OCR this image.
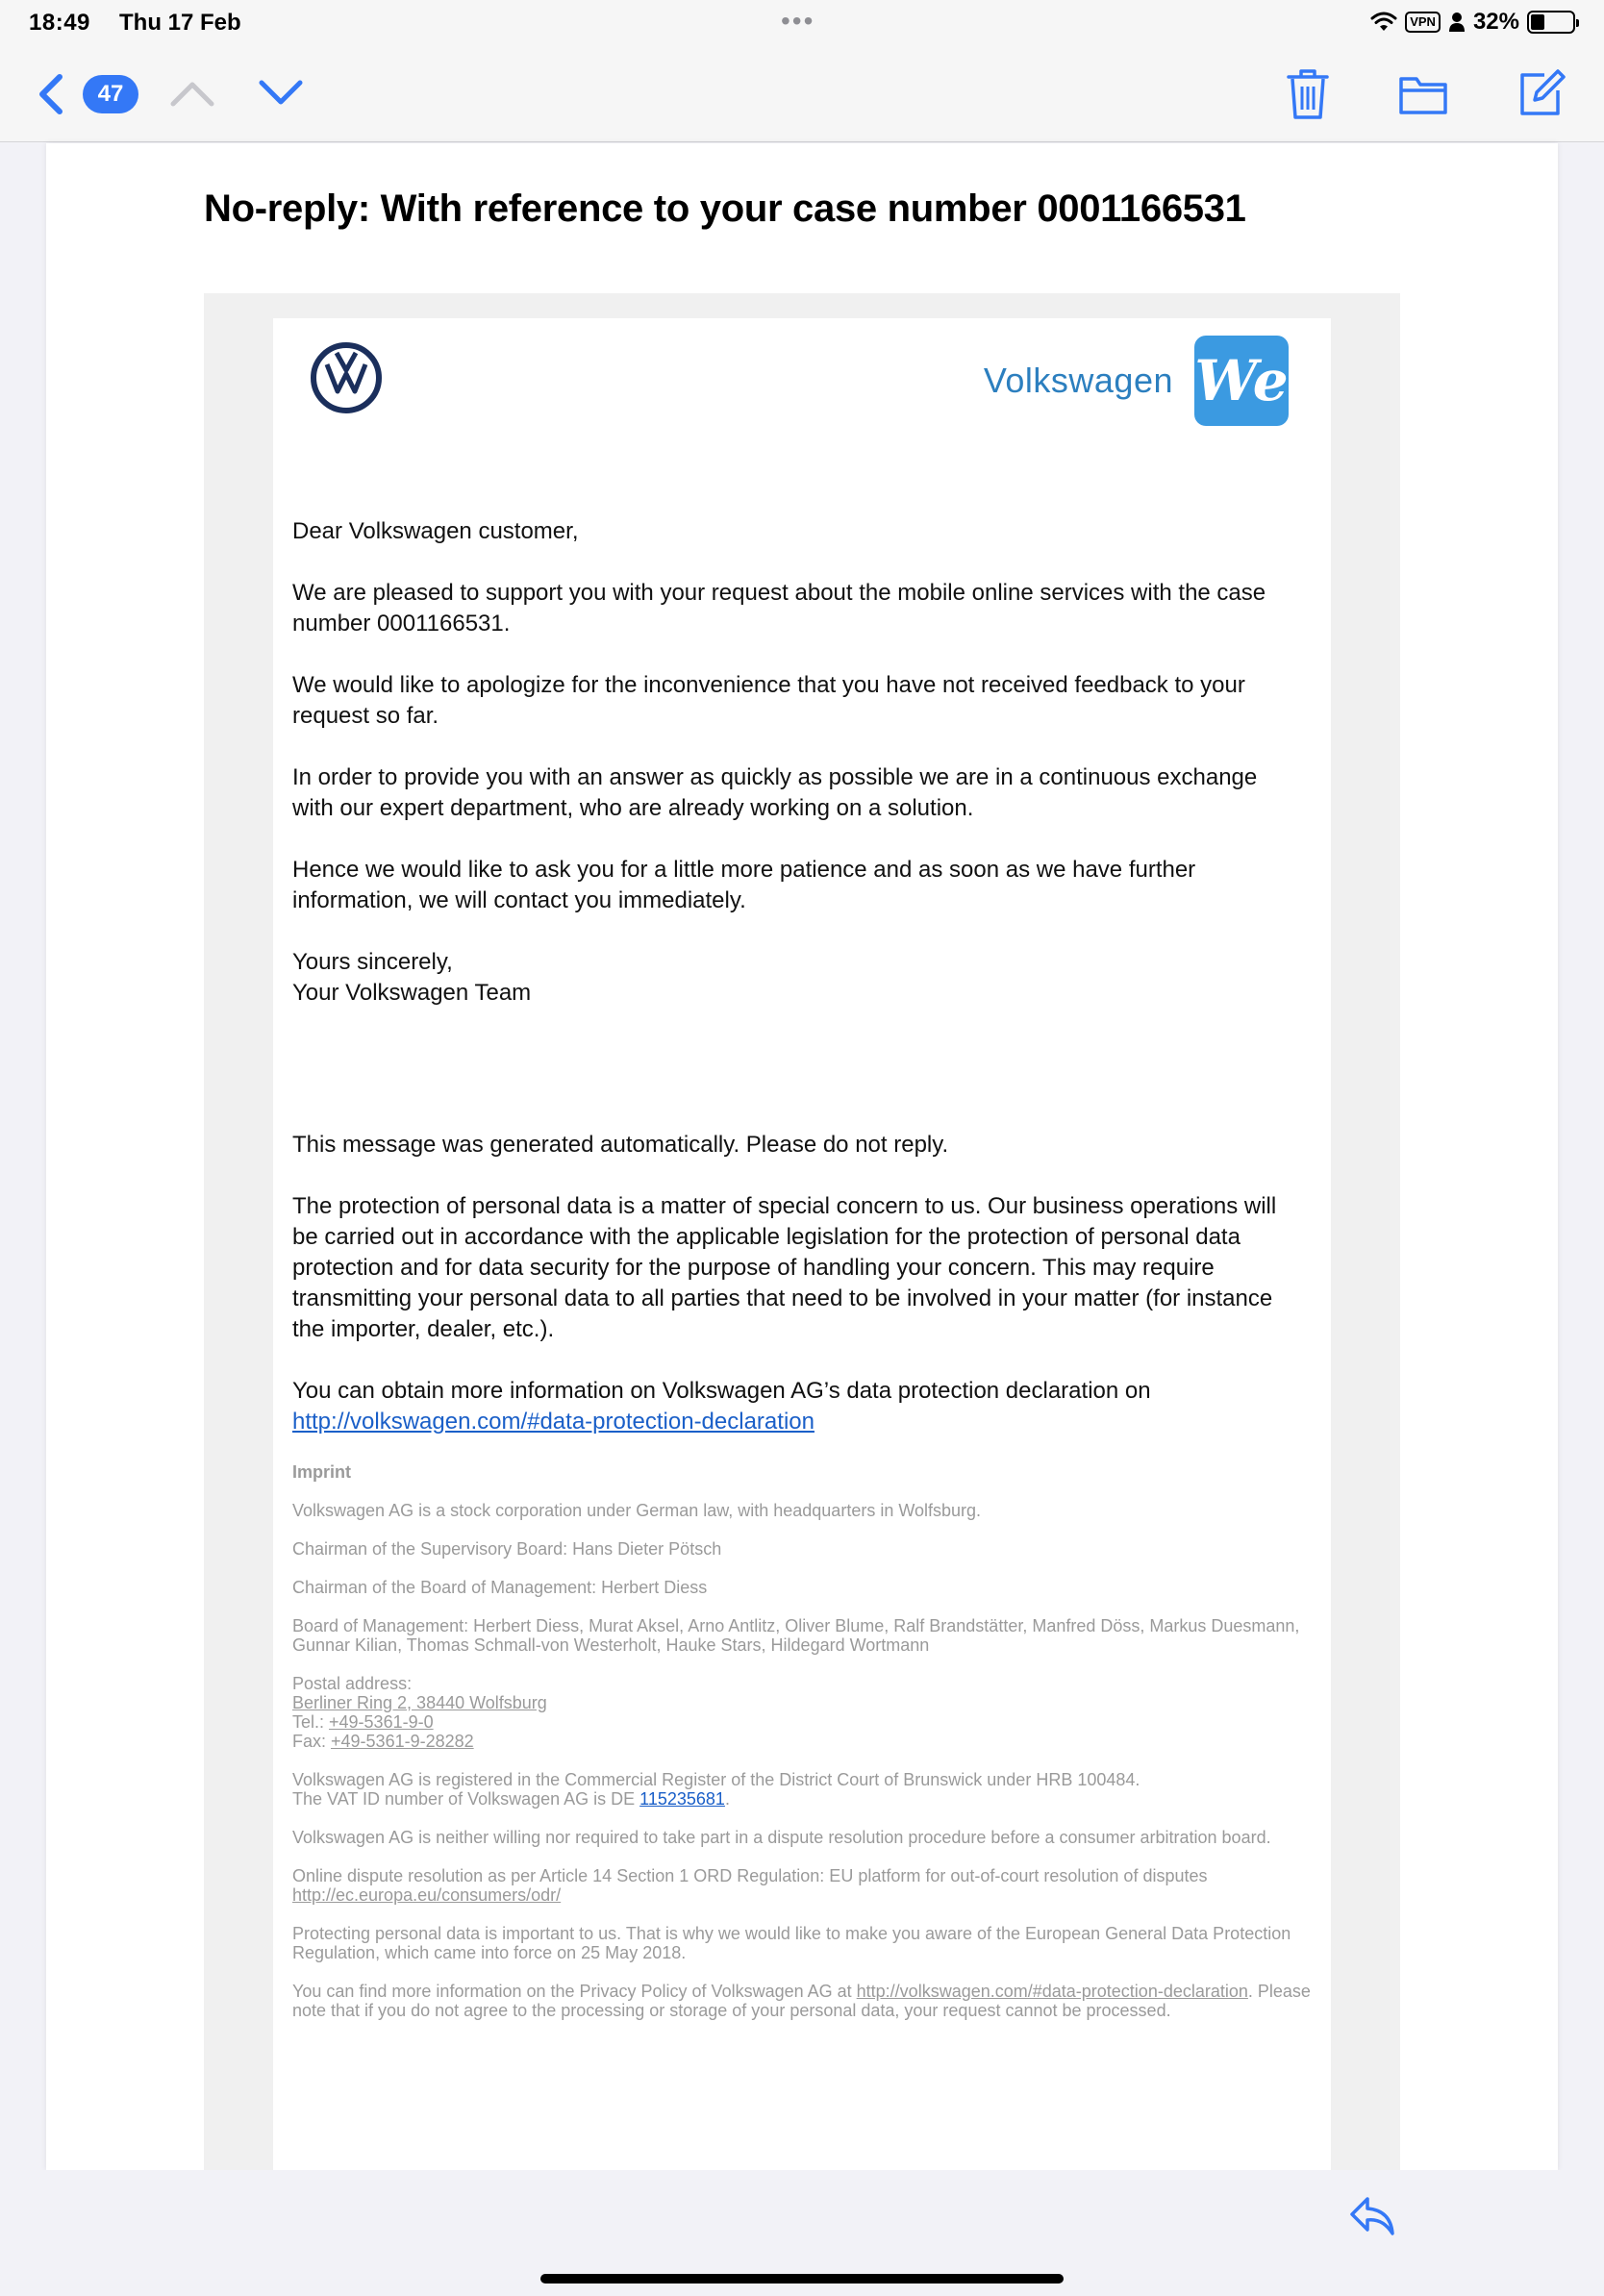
18:49 Thu 17 Feb	•••	VPN 32%
47
No-reply: With reference to your case number 0001166531
Volkswagen We

Dear Volkswagen customer,

We are pleased to support you with your request about the mobile online services with the case number 0001166531.

We would like to apologize for the inconvenience that you have not received feedback to your request so far.

In order to provide you with an answer as quickly as possible we are in a continuous exchange with our expert department, who are already working on a solution.

Hence we would like to ask you for a little more patience and as soon as we have further information, we will contact you immediately.

Yours sincerely,
Your Volkswagen Team

This message was generated automatically. Please do not reply.

The protection of personal data is a matter of special concern to us. Our business operations will be carried out in accordance with the applicable legislation for the protection of personal data protection and for data security for the purpose of handling your concern. This may require transmitting your personal data to all parties that need to be involved in your matter (for instance the importer, dealer, etc.).

You can obtain more information on Volkswagen AG’s data protection declaration on http://volkswagen.com/#data-protection-declaration

Imprint

Volkswagen AG is a stock corporation under German law, with headquarters in Wolfsburg.

Chairman of the Supervisory Board: Hans Dieter Pötsch

Chairman of the Board of Management: Herbert Diess

Board of Management: Herbert Diess, Murat Aksel, Arno Antlitz, Oliver Blume, Ralf Brandstätter, Manfred Döss, Markus Duesmann, Gunnar Kilian, Thomas Schmall-von Westerholt, Hauke Stars, Hildegard Wortmann

Postal address:
Berliner Ring 2, 38440 Wolfsburg
Tel.: +49-5361-9-0
Fax: +49-5361-9-28282

Volkswagen AG is registered in the Commercial Register of the District Court of Brunswick under HRB 100484.
The VAT ID number of Volkswagen AG is DE 115235681.

Volkswagen AG is neither willing nor required to take part in a dispute resolution procedure before a consumer arbitration board.

Online dispute resolution as per Article 14 Section 1 ORD Regulation: EU platform for out-of-court resolution of disputes
http://ec.europa.eu/consumers/odr/

Protecting personal data is important to us. That is why we would like to make you aware of the European General Data Protection Regulation, which came into force on 25 May 2018.

You can find more information on the Privacy Policy of Volkswagen AG at http://volkswagen.com/#data-protection-declaration. Please note that if you do not agree to the processing or storage of your personal data, your request cannot be processed.
